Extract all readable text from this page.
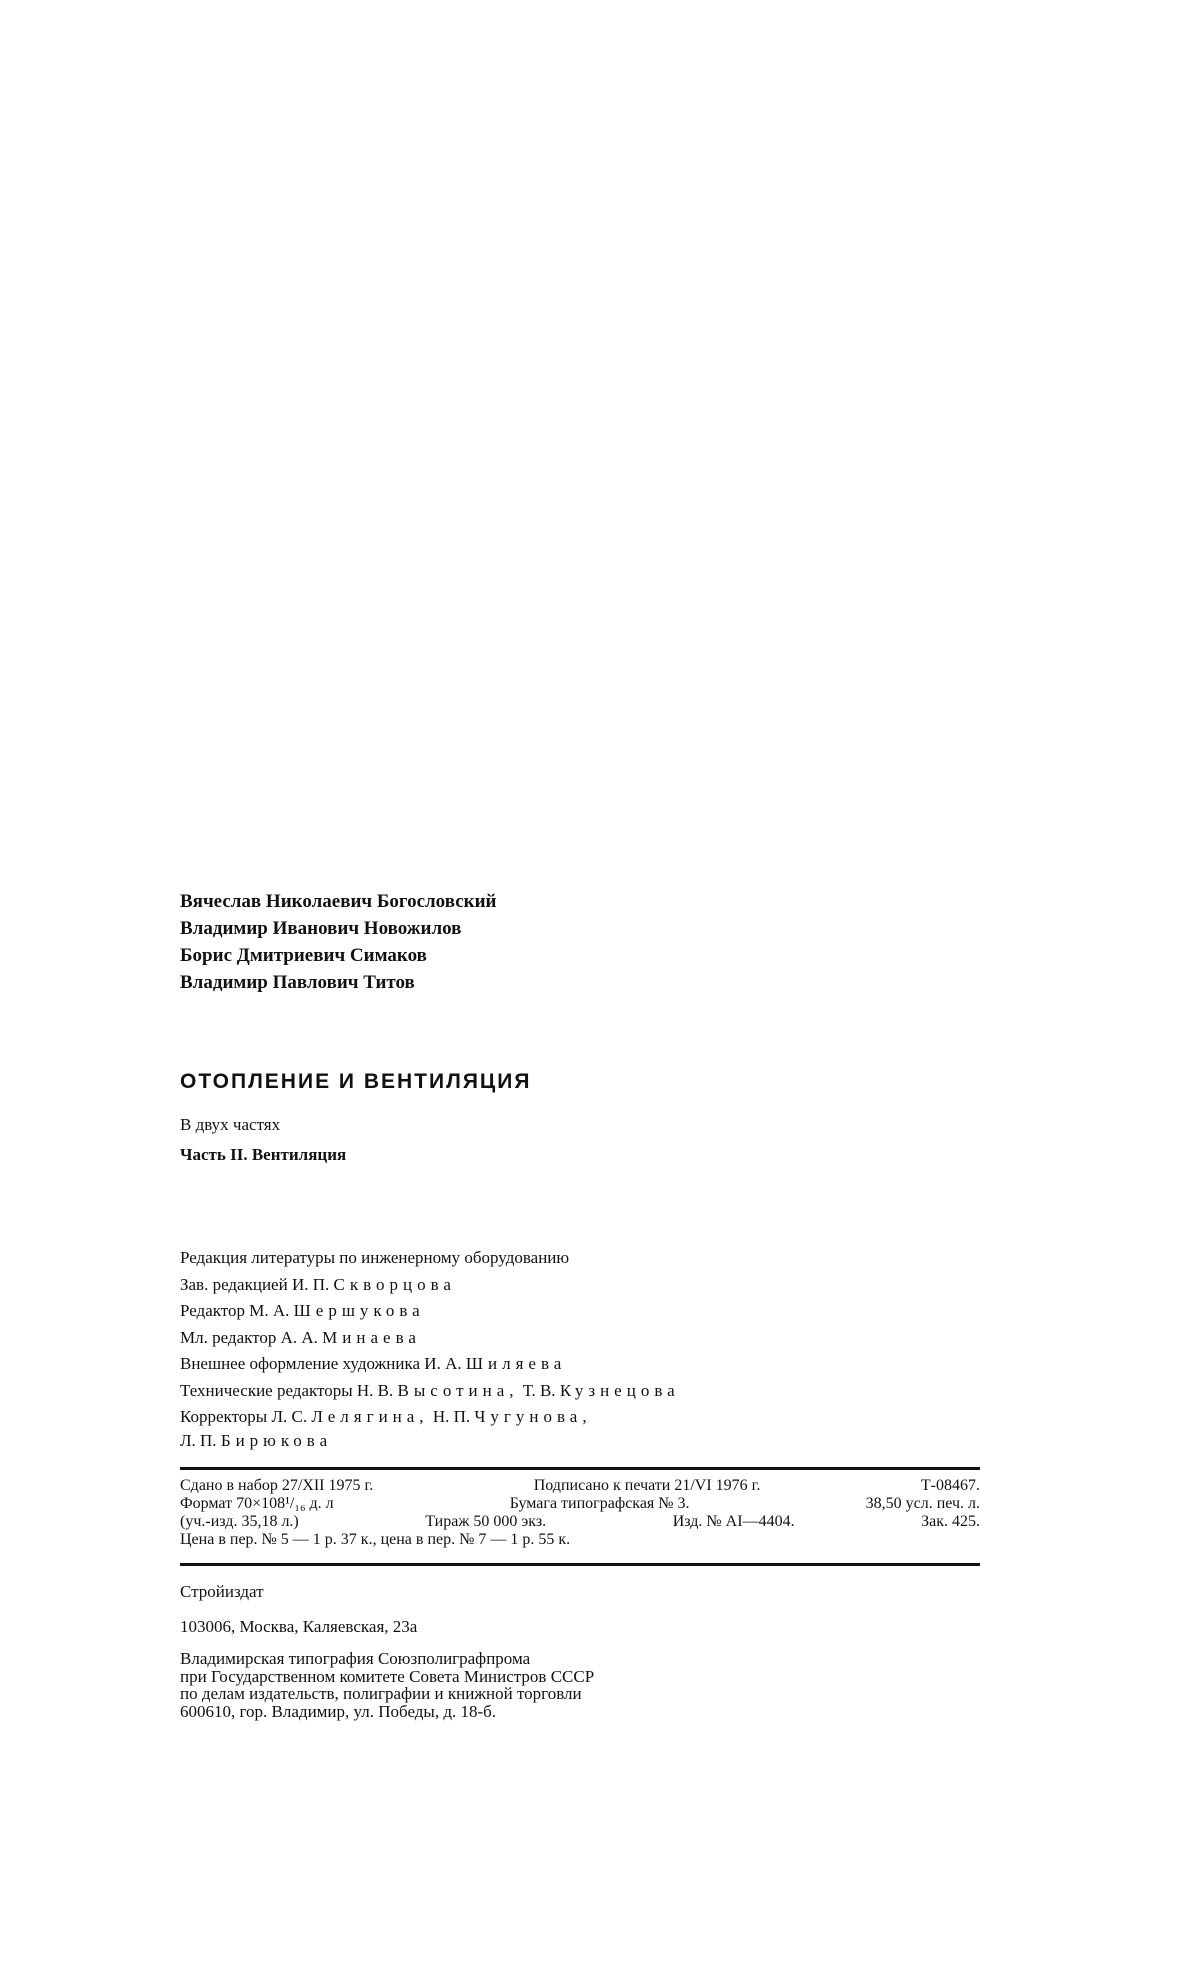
Вячеслав Николаевич Богословский
Владимир Иванович Новожилов
Борис Дмитриевич Симаков
Владимир Павлович Титов
ОТОПЛЕНИЕ И ВЕНТИЛЯЦИЯ
В двух частях
Часть II. Вентиляция
Редакция литературы по инженерному оборудованию
Зав. редакцией И. П. Скворцова
Редактор М. А. Шершукова
Мл. редактор А. А. Минаева
Внешнее оформление художника И. А. Шиляева
Технические редакторы Н. В. Высотина, Т. В. Кузнецова
Корректоры Л. С. Лелягина, Н. П. Чугунова,
Л. П. Бирюкова
Сдано в набор 27/XII 1975 г.	Подписано к печати 21/VI 1976 г.	Т-08467.
Формат 70×108¹/₁₆ д. л	Бумага типографская № 3.	38,50 усл. печ. л.
(уч.-изд. 35,18 л.)	Тираж 50 000 экз.	Изд. № AI—4404.	Зак. 425.
Цена в пер. № 5 — 1 р. 37 к., цена в пер. № 7 — 1 р. 55 к.
Стройиздат
103006, Москва, Каляевская, 23а
Владимирская типография Союзполиграфпрома
при Государственном комитете Совета Министров СССР
по делам издательств, полиграфии и книжной торговли
600610, гор. Владимир, ул. Победы, д. 18-б.
